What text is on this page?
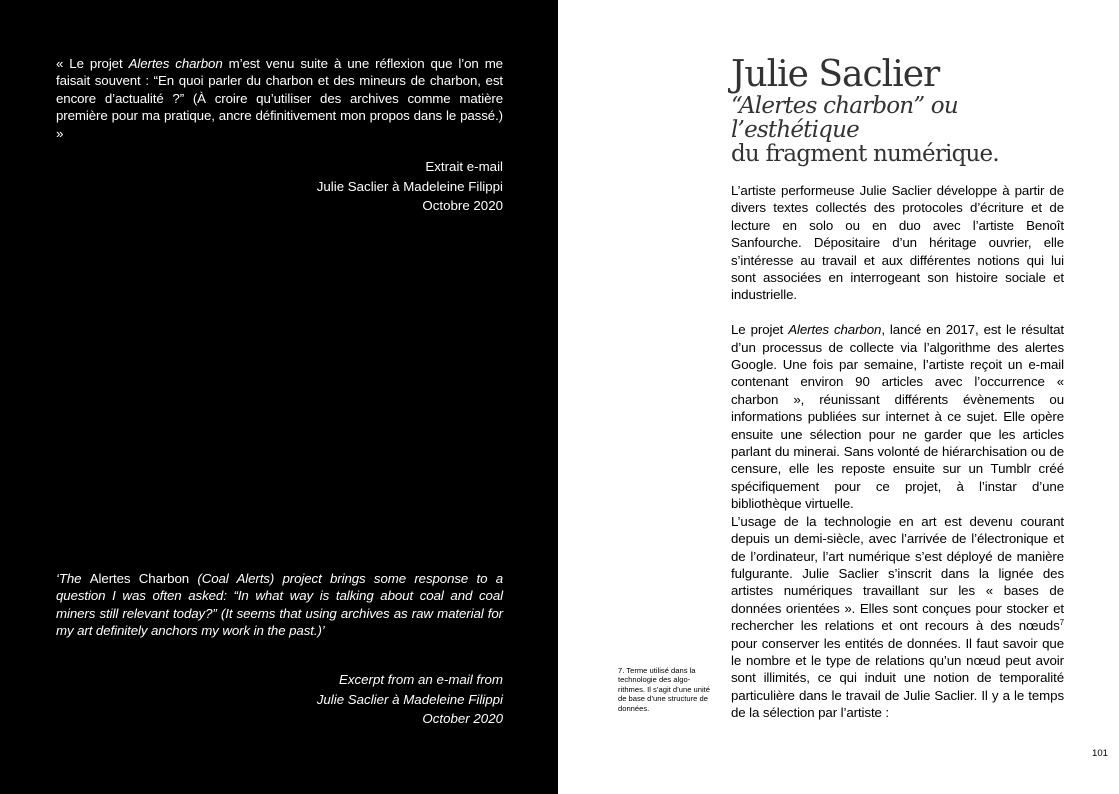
« Le projet Alertes charbon m’est venu suite à une réflexion que l’on me faisait souvent : “En quoi parler du charbon et des mineurs de charbon, est encore d’actualité ?” (À croire qu’utiliser des archives comme matière première pour ma pratique, ancre définitivement mon propos dans le passé.) »

Extrait e-mail
Julie Saclier à Madeleine Filippi
Octobre 2020

‘The Alertes Charbon (Coal Alerts) project brings some response to a question I was often asked: “In what way is talking about coal and coal miners still relevant today?” (It seems that using archives as raw material for my art definitely anchors my work in the past.)’

Excerpt from an e-mail from
Julie Saclier à Madeleine Filippi
October 2020
Julie Saclier
“Alertes charbon” ou l’esthétique
du fragment numérique.

L’artiste performeuse Julie Saclier développe à partir de divers textes collectés des protocoles d’écriture et de lecture en solo ou en duo avec l’artiste Benoît Sanfourche. Dépositaire d’un héritage ouvrier, elle s’intéresse au travail et aux différentes notions qui lui sont associées en interrogeant son histoire sociale et industrielle.

Le projet Alertes charbon, lancé en 2017, est le résultat d’un processus de collecte via l’algorithme des alertes Google. Une fois par semaine, l’artiste reçoit un e-mail contenant environ 90 articles avec l’occurrence « charbon », réunissant différents évènements ou informations publiées sur internet à ce sujet. Elle opère ensuite une sélection pour ne garder que les articles parlant du minerai. Sans volonté de hiérarchisation ou de censure, elle les reposte ensuite sur un Tumblr créé spécifiquement pour ce projet, à l’instar d’une bibliothèque virtuelle.

L’usage de la technologie en art est devenu courant depuis un demi-siècle, avec l’arrivée de l’électronique et de l’ordinateur, l’art numérique s’est déployé de manière fulgurante. Julie Saclier s’inscrit dans la lignée des artistes numériques travaillant sur les « bases de données orientées ». Elles sont conçues pour stocker et rechercher les relations et ont recours à des nœuds$^7$ pour conserver les entités de données. Il faut savoir que le nombre et le type de relations qu’un nœud peut avoir sont illimités, ce qui induit une notion de temporalité particulière dans le travail de Julie Saclier. Il y a le temps de la sélection par l’artiste :

7. Terme utilisé dans la technologie des algorithmes. Il s’agit d’une unité de base d’une structure de données.

101
